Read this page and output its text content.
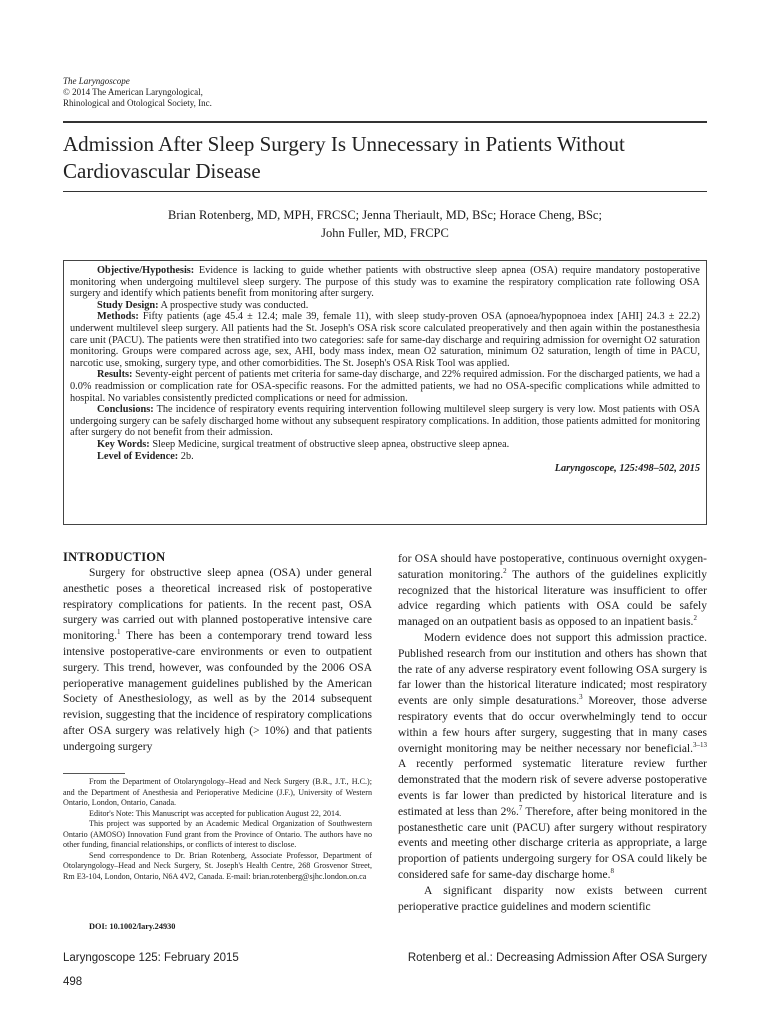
The Laryngoscope
© 2014 The American Laryngological,
Rhinological and Otological Society, Inc.
Admission After Sleep Surgery Is Unnecessary in Patients Without Cardiovascular Disease
Brian Rotenberg, MD, MPH, FRCSC; Jenna Theriault, MD, BSc; Horace Cheng, BSc;
John Fuller, MD, FRCPC

Objective/Hypothesis: Evidence is lacking to guide whether patients with obstructive sleep apnea (OSA) require mandatory postoperative monitoring when undergoing multilevel sleep surgery. The purpose of this study was to examine the respiratory complication rate following OSA surgery and identify which patients benefit from monitoring after surgery.

Study Design: A prospective study was conducted.

Methods: Fifty patients (age 45.4 ± 12.4; male 39, female 11), with sleep study-proven OSA (apnoea/hypopnoea index [AHI] 24.3 ± 22.2) underwent multilevel sleep surgery. All patients had the St. Joseph's OSA risk score calculated preoperatively and then again within the postanesthesia care unit (PACU). The patients were then stratified into two categories: safe for same-day discharge and requiring admission for overnight O2 saturation monitoring. Groups were compared across age, sex, AHI, body mass index, mean O2 saturation, minimum O2 saturation, length of time in PACU, narcotic use, smoking, surgery type, and other comorbidities. The St. Joseph's OSA Risk Tool was applied.

Results: Seventy-eight percent of patients met criteria for same-day discharge, and 22% required admission. For the discharged patients, we had a 0.0% readmission or complication rate for OSA-specific reasons. For the admitted patients, we had no OSA-specific complications while admitted to hospital. No variables consistently predicted complications or need for admission.

Conclusions: The incidence of respiratory events requiring intervention following multilevel sleep surgery is very low. Most patients with OSA undergoing surgery can be safely discharged home without any subsequent respiratory complications. In addition, those patients admitted for monitoring after surgery do not benefit from their admission.

Key Words: Sleep Medicine, surgical treatment of obstructive sleep apnea, obstructive sleep apnea.

Level of Evidence: 2b.

Laryngoscope, 125:498–502, 2015

INTRODUCTION

Surgery for obstructive sleep apnea (OSA) under general anesthetic poses a theoretical increased risk of postoperative respiratory complications for patients. In the recent past, OSA surgery was carried out with planned postoperative intensive care monitoring.$^1$ There has been a contemporary trend toward less intensive postoperative-care environments or even to outpatient surgery. This trend, however, was confounded by the 2006 OSA perioperative management guidelines published by the American Society of Anesthesiology, as well as by the 2014 subsequent revision, suggesting that the incidence of respiratory complications after OSA surgery was relatively high (> 10%) and that patients undergoing surgery

From the Department of Otolaryngology–Head and Neck Surgery (B.R., J.T., H.C.); and the Department of Anesthesia and Perioperative Medicine (J.F.), University of Western Ontario, London, Ontario, Canada.

Editor's Note: This Manuscript was accepted for publication August 22, 2014.

This project was supported by an Academic Medical Organization of Southwestern Ontario (AMOSO) Innovation Fund grant from the Province of Ontario. The authors have no other funding, financial relationships, or conflicts of interest to disclose.

Send correspondence to Dr. Brian Rotenberg, Associate Professor, Department of Otolaryngology–Head and Neck Surgery, St. Joseph's Health Centre, 268 Grosvenor Street, Rm E3-104, London, Ontario, N6A 4V2, Canada. E-mail: brian.rotenberg@sjhc.london.on.ca

DOI: 10.1002/lary.24930

for OSA should have postoperative, continuous overnight oxygen-saturation monitoring.$^2$ The authors of the guidelines explicitly recognized that the historical literature was insufficient to offer advice regarding which patients with OSA could be safely managed on an outpatient basis as opposed to an inpatient basis.$^2$

Modern evidence does not support this admission practice. Published research from our institution and others has shown that the rate of any adverse respiratory event following OSA surgery is far lower than the historical literature indicated; most respiratory events are only simple desaturations.$^3$ Moreover, those adverse respiratory events that do occur overwhelmingly tend to occur within a few hours after surgery, suggesting that in many cases overnight monitoring may be neither necessary nor beneficial.$^{3-13}$ A recently performed systematic literature review further demonstrated that the modern risk of severe adverse postoperative events is far lower than predicted by historical literature and is estimated at less than 2%.$^7$ Therefore, after being monitored in the postanesthetic care unit (PACU) after surgery without respiratory events and meeting other discharge criteria as appropriate, a large proportion of patients undergoing surgery for OSA could likely be considered safe for same-day discharge home.$^8$

A significant disparity now exists between current perioperative practice guidelines and modern scientific

Laryngoscope 125: February 2015	Rotenberg et al.: Decreasing Admission After OSA Surgery
498
